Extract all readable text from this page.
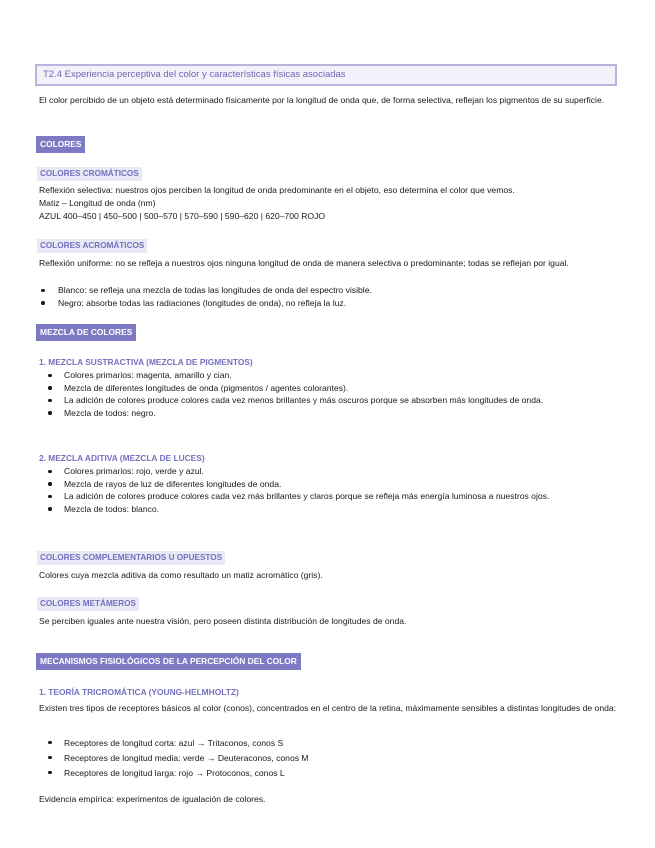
T2.4 Experiencia perceptiva del color y características físicas asociadas

El color percibido de un objeto está determinado físicamente por la longitud de onda que, de forma selectiva, reflejan los pigmentos de su superficie.

COLORES
COLORES CROMÁTICOS

Reflexión selectiva: nuestros ojos perciben la longitud de onda predominante en el objeto, eso determina el color que vemos.

Matiz – Longitud de onda (nm)

AZUL 400–450 | 450–500 | 500–570 | 570–590 | 590–620 | 620–700 ROJO

COLORES ACROMÁTICOS

Reflexión uniforme: no se refleja a nuestros ojos ninguna longitud de onda de manera selectiva o predominante; todas se reflejan por igual.

Blanco: se refleja una mezcla de todas las longitudes de onda del espectro visible.
Negro: absorbe todas las radiaciones (longitudes de onda), no refleja la luz.
MEZCLA DE COLORES
1. MEZCLA SUSTRACTIVA (MEZCLA DE PIGMENTOS)
Colores primarios: magenta, amarillo y cian.
Mezcla de diferentes longitudes de onda (pigmentos / agentes colorantes).
La adición de colores produce colores cada vez menos brillantes y más oscuros porque se absorben más longitudes de onda.
Mezcla de todos: negro.
2. MEZCLA ADITIVA (MEZCLA DE LUCES)
Colores primarios: rojo, verde y azul.
Mezcla de rayos de luz de diferentes longitudes de onda.
La adición de colores produce colores cada vez más brillantes y claros porque se refleja más energía luminosa a nuestros ojos.
Mezcla de todos: blanco.
COLORES COMPLEMENTARIOS U OPUESTOS

Colores cuya mezcla aditiva da como resultado un matiz acromático (gris).

COLORES METÁMEROS

Se perciben iguales ante nuestra visión, pero poseen distinta distribución de longitudes de onda.

MECANISMOS FISIOLÓGICOS DE LA PERCEPCIÓN DEL COLOR
1. TEORÍA TRICROMÁTICA (YOUNG-HELMHOLTZ)

Existen tres tipos de receptores básicos al color (conos), concentrados en el centro de la retina, máximamente sensibles a distintas longitudes de onda:

Receptores de longitud corta: azul → Tritaconos, conos S
Receptores de longitud media: verde → Deuteraconos, conos M
Receptores de longitud larga: rojo → Protoconos, conos L

Evidencia empírica: experimentos de igualación de colores.
